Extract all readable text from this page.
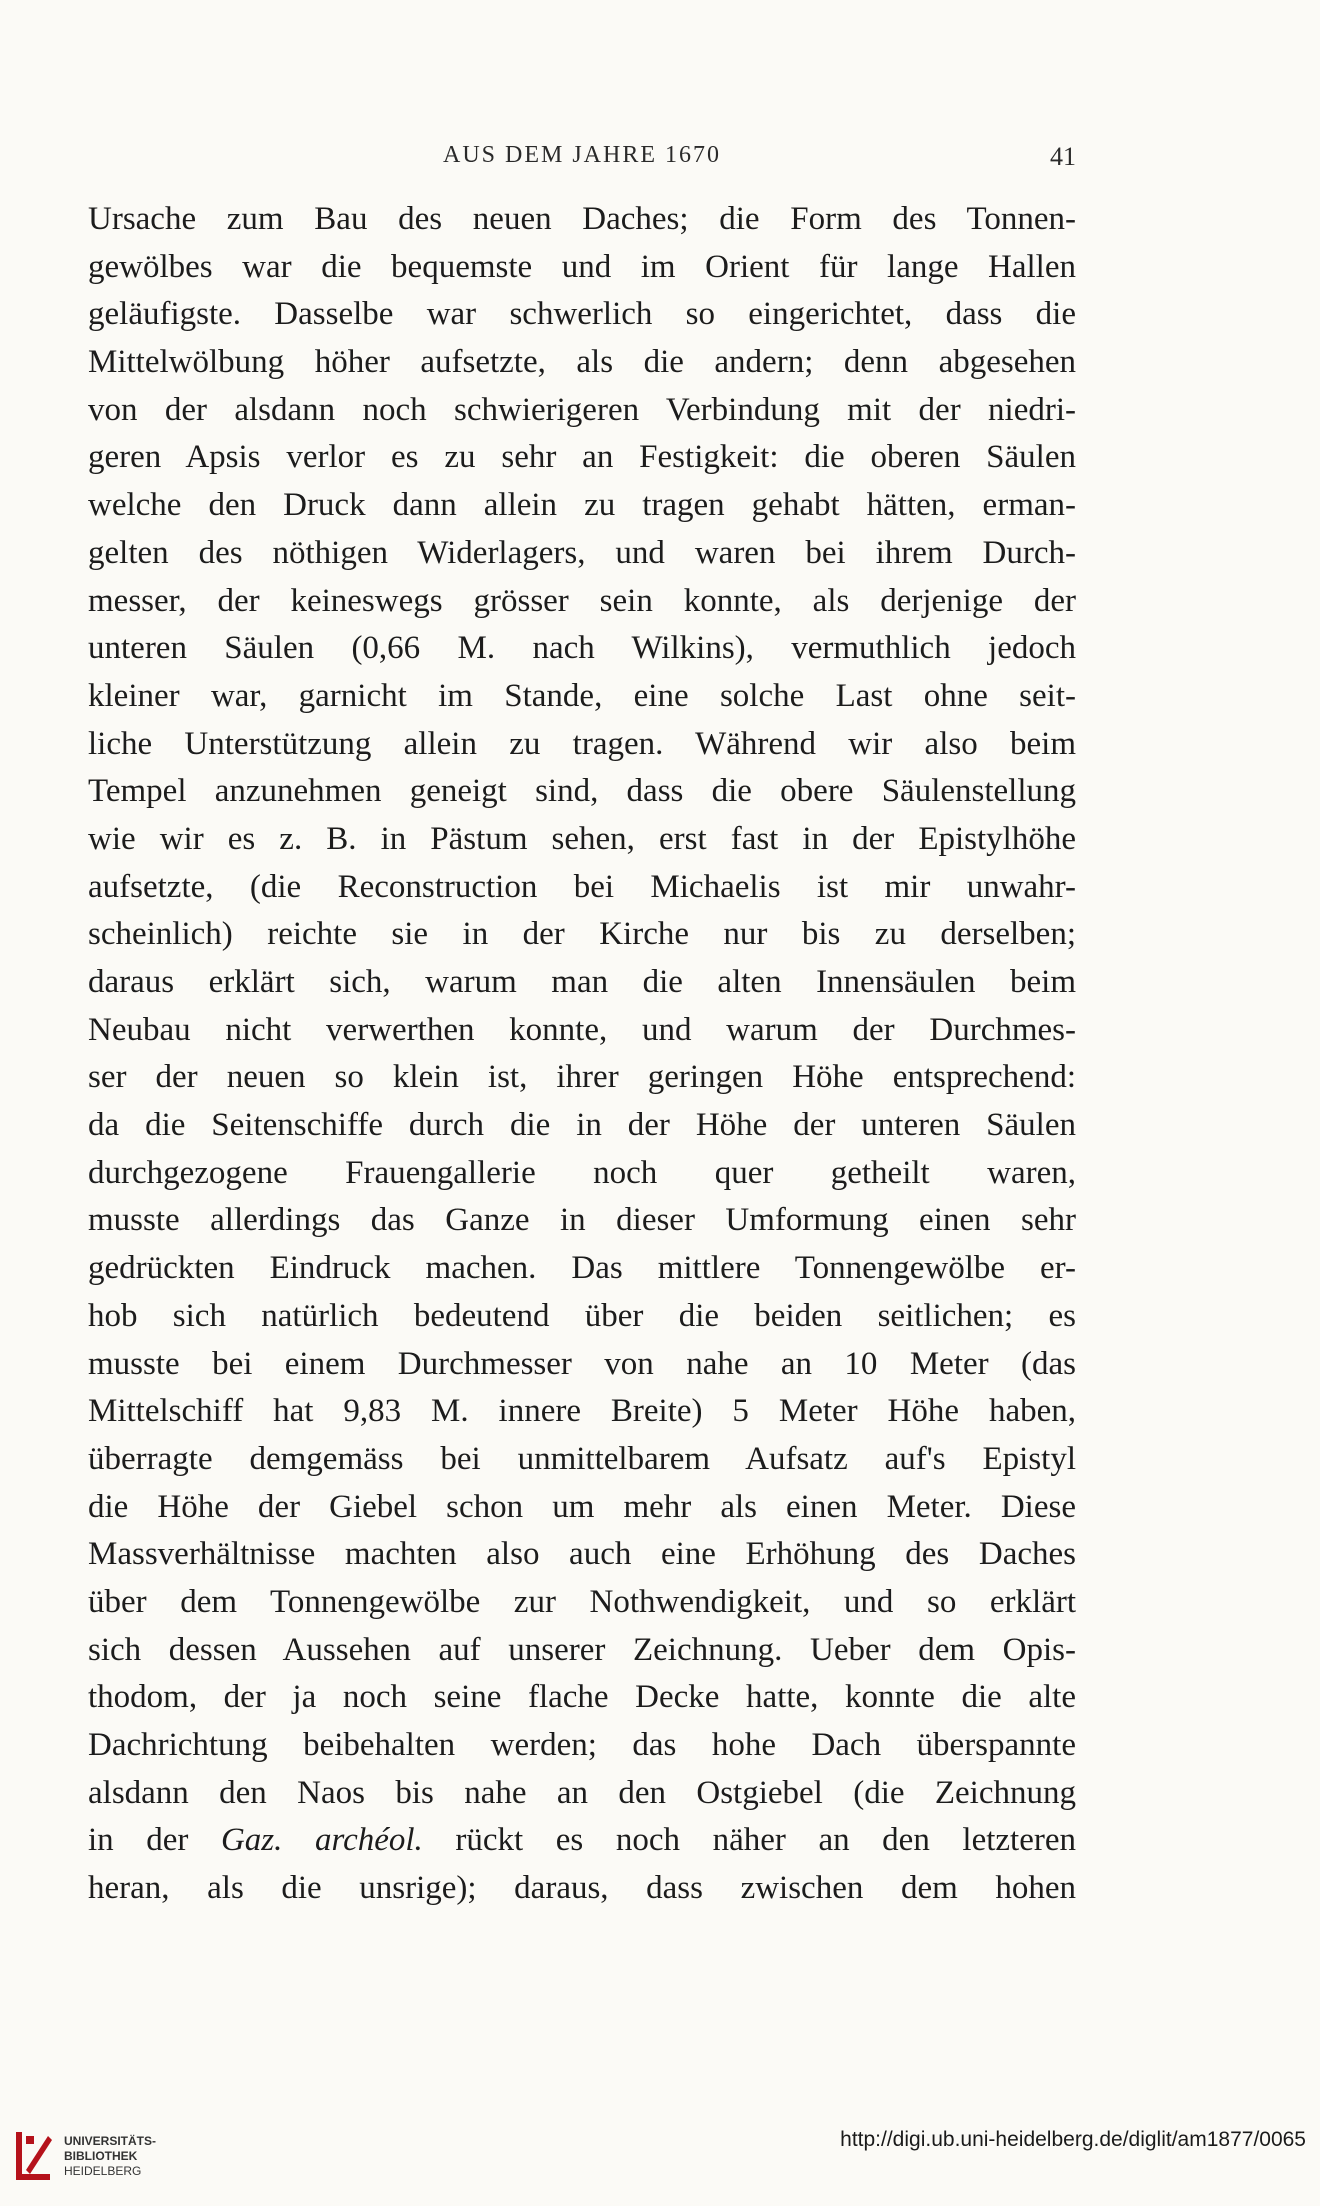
AUS DEM JAHRE 1670	41
Ursache zum Bau des neuen Daches; die Form des Tonnen-
gewölbes war die bequemste und im Orient für lange Hallen
geläufigste. Dasselbe war schwerlich so eingerichtet, dass die
Mittelwölbung höher aufsetzte, als die andern; denn abgesehen
von der alsdann noch schwierigeren Verbindung mit der niedri-
geren Apsis verlor es zu sehr an Festigkeit: die oberen Säulen
welche den Druck dann allein zu tragen gehabt hätten, erman-
gelten des nöthigen Widerlagers, und waren bei ihrem Durch-
messer, der keineswegs grösser sein konnte, als derjenige der
unteren Säulen (0,66 M. nach Wilkins), vermuthlich jedoch
kleiner war, garnicht im Stande, eine solche Last ohne seit-
liche Unterstützung allein zu tragen. Während wir also beim
Tempel anzunehmen geneigt sind, dass die obere Säulenstellung
wie wir es z. B. in Pästum sehen, erst fast in der Epistylhöhe
aufsetzte, (die Reconstruction bei Michaelis ist mir unwahr-
scheinlich) reichte sie in der Kirche nur bis zu derselben;
daraus erklärt sich, warum man die alten Innensäulen beim
Neubau nicht verwerthen konnte, und warum der Durchmes-
ser der neuen so klein ist, ihrer geringen Höhe entsprechend:
da die Seitenschiffe durch die in der Höhe der unteren Säulen
durchgezogene Frauengallerie noch quer getheilt waren,
musste allerdings das Ganze in dieser Umformung einen sehr
gedrückten Eindruck machen. Das mittlere Tonnengewölbe er-
hob sich natürlich bedeutend über die beiden seitlichen; es
musste bei einem Durchmesser von nahe an 10 Meter (das
Mittelschiff hat 9,83 M. innere Breite) 5 Meter Höhe haben,
überragte demgemäss bei unmittelbarem Aufsatz auf's Epistyl
die Höhe der Giebel schon um mehr als einen Meter. Diese
Massverhältnisse machten also auch eine Erhöhung des Daches
über dem Tonnengewölbe zur Nothwendigkeit, und so erklärt
sich dessen Aussehen auf unserer Zeichnung. Ueber dem Opis-
thodom, der ja noch seine flache Decke hatte, konnte die alte
Dachrichtung beibehalten werden; das hohe Dach überspannte
alsdann den Naos bis nahe an den Ostgiebel (die Zeichnung
in der Gaz. archéol. rückt es noch näher an den letzteren
heran, als die unsrige); daraus, dass zwischen dem hohen
UNIVERSITÄTS-
BIBLIOTHEK
HEIDELBERG
http://digi.ub.uni-heidelberg.de/diglit/am1877/0065
